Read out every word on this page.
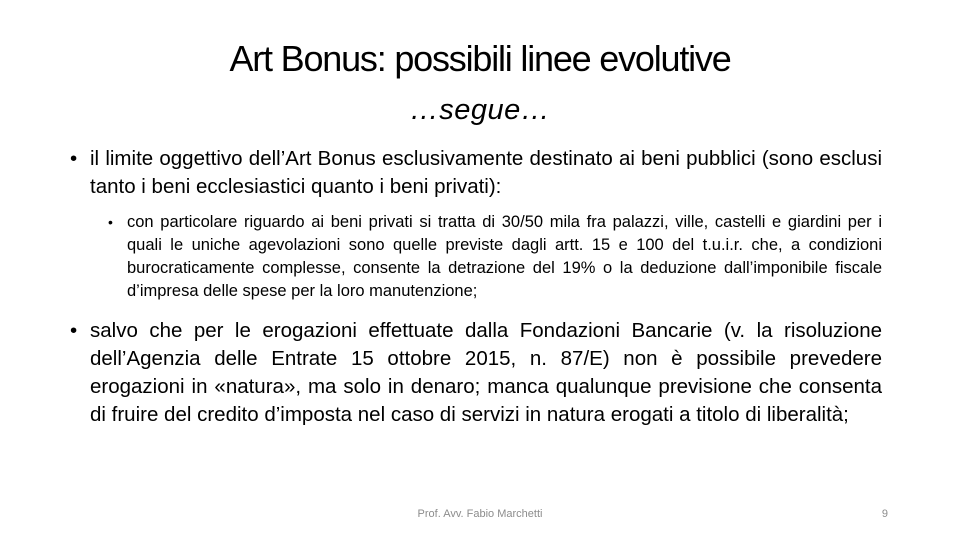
Art Bonus: possibili linee evolutive
…segue…
• il limite oggettivo dell’Art Bonus esclusivamente destinato ai beni pubblici (sono esclusi tanto i beni ecclesiastici quanto i beni privati):
• con particolare riguardo ai beni privati si tratta di 30/50 mila fra palazzi, ville, castelli e giardini per i quali le uniche agevolazioni sono quelle previste dagli artt. 15 e 100 del t.u.i.r. che, a condizioni burocraticamente complesse, consente la detrazione del 19% o la deduzione dall’imponibile fiscale d’impresa delle spese per la loro manutenzione;
• salvo che per le erogazioni effettuate dalla Fondazioni Bancarie (v. la risoluzione dell’Agenzia delle Entrate 15 ottobre 2015, n. 87/E) non è possibile prevedere erogazioni in «natura», ma solo in denaro; manca qualunque previsione che consenta di fruire del credito d’imposta nel caso di servizi in natura erogati a titolo di liberalità;
Prof. Avv. Fabio Marchetti	9
